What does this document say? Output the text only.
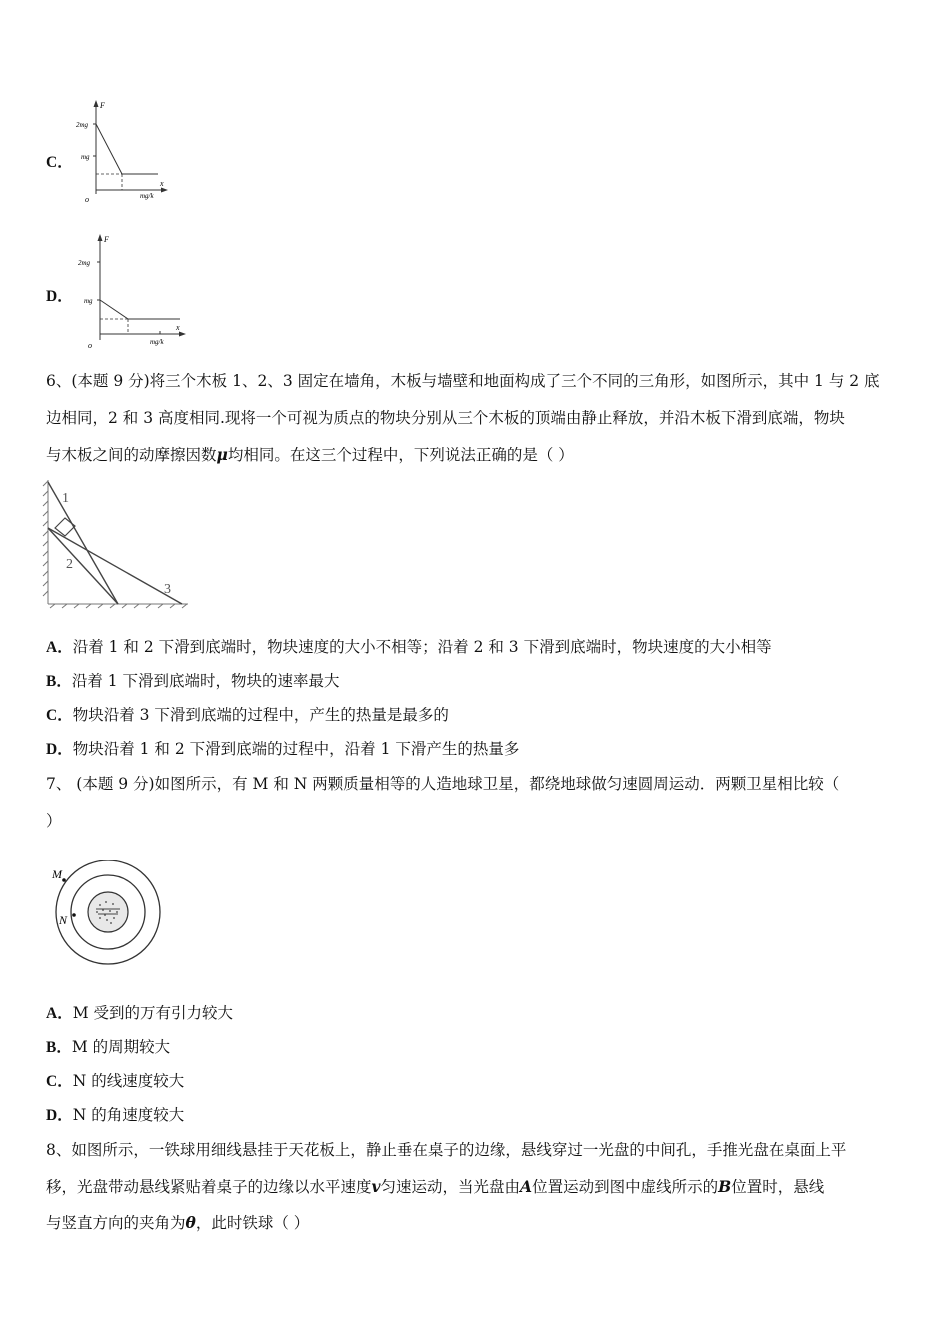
C．
F
2mg
mg
x
o	mg/k
D．
F
2mg
mg
x
o	mg/k
6、(本题 9 分)将三个木板 1、2、3 固定在墙角，木板与墙壁和地面构成了三个不同的三角形，如图所示，其中 1 与 2 底
边相同，2 和 3 高度相同.现将一个可视为质点的物块分别从三个木板的顶端由静止释放，并沿木板下滑到底端，物块
与木板之间的动摩擦因数μ均相同。在这三个过程中，下列说法正确的是（ ）
1
2
3
A．沿着 1 和 2 下滑到底端时，物块速度的大小不相等；沿着 2 和 3 下滑到底端时，物块速度的大小相等
B．沿着 1 下滑到底端时，物块的速率最大
C．物块沿着 3 下滑到底端的过程中，产生的热量是最多的
D．物块沿着 1 和 2 下滑到底端的过程中，沿着 1 下滑产生的热量多
7、 (本题 9 分)如图所示，有 M 和 N 两颗质量相等的人造地球卫星，都绕地球做匀速圆周运动．两颗卫星相比较（
）
M
N
A．M 受到的万有引力较大
B．M 的周期较大
C．N 的线速度较大
D．N 的角速度较大
8、如图所示，一铁球用细线悬挂于天花板上，静止垂在桌子的边缘，悬线穿过一光盘的中间孔，手推光盘在桌面上平
移，光盘带动悬线紧贴着桌子的边缘以水平速度v匀速运动，当光盘由A位置运动到图中虚线所示的B位置时，悬线
与竖直方向的夹角为θ，此时铁球（ ）
